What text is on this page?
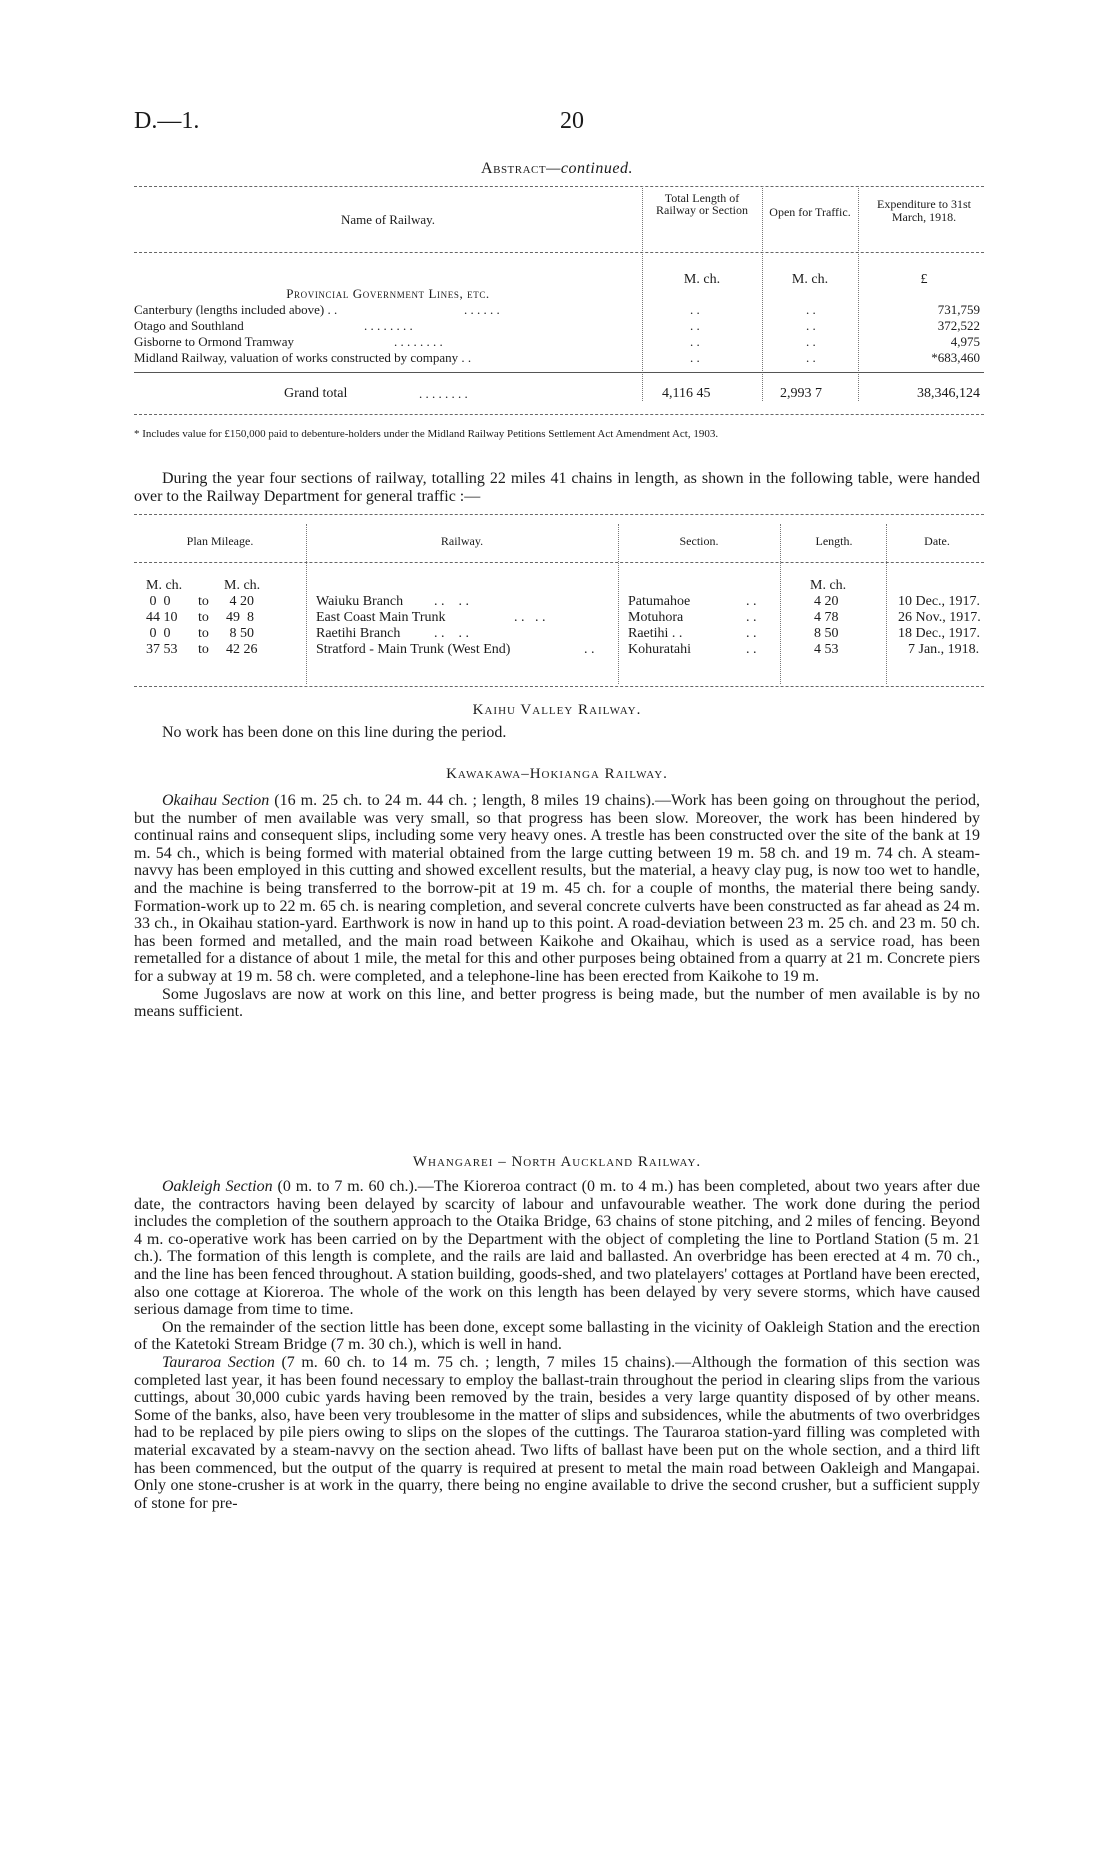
D.—1.	20
Abstract—continued.
Name of Railway.
Total Length of Railway or Section	Open for Traffic.
Expenditure to 31st March, 1918.
M. ch.	M. ch.	£
Provincial Government Lines, etc.
Canterbury (lengths included above) . .	. . . . . .	. .	. .	731,759
Otago and Southland	. . . . . . . .	. .	. .	372,522
Gisborne to Ormond Tramway	. . . . . . . .	. .	. .	4,975
Midland Railway, valuation of works constructed by company . .	. .	. .	*683,460
Grand total	. . . . . . . .	4,116 45	2,993 7	38,346,124
* Includes value for £150,000 paid to debenture-holders under the Midland Railway Petitions Settlement Act Amendment Act, 1903.

During the year four sections of railway, totalling 22 miles 41 chains in length, as shown in the following table, were handed over to the Railway Department for general traffic :—

Plan Mileage.	Railway.	Section.	Length.	Date.
M. ch.	M. ch.	M. ch.
0  0 to 4 20	Waiuku Branch . .    . .	Patumahoe	. .	4 20	10 Dec., 1917.
44 10 to 49  8	East Coast Main Trunk	. .   . .	Motuhora	. .	4 78	26 Nov., 1917.
0  0 to 8 50	Raetihi Branch . .    . .	Raetihi . .	. .	8 50	18 Dec., 1917.
37 53 to 42 26	Stratford - Main Trunk (West End)	. . Kohuratahi	. .	4 53	7 Jan., 1918.
Kaihu Valley Railway.

No work has been done on this line during the period.

Kawakawa–Hokianga Railway.

Okaihau Section (16 m. 25 ch. to 24 m. 44 ch. ; length, 8 miles 19 chains).—Work has been going on throughout the period, but the number of men available was very small, so that progress has been slow. Moreover, the work has been hindered by continual rains and consequent slips, including some very heavy ones. A trestle has been constructed over the site of the bank at 19 m. 54 ch., which is being formed with material obtained from the large cutting between 19 m. 58 ch. and 19 m. 74 ch. A steam-navvy has been employed in this cutting and showed excellent results, but the material, a heavy clay pug, is now too wet to handle, and the machine is being transferred to the borrow-pit at 19 m. 45 ch. for a couple of months, the material there being sandy. Formation-work up to 22 m. 65 ch. is nearing completion, and several concrete culverts have been constructed as far ahead as 24 m. 33 ch., in Okaihau station-yard. Earthwork is now in hand up to this point. A road-deviation between 23 m. 25 ch. and 23 m. 50 ch. has been formed and metalled, and the main road between Kaikohe and Okaihau, which is used as a service road, has been remetalled for a distance of about 1 mile, the metal for this and other purposes being obtained from a quarry at 21 m. Concrete piers for a subway at 19 m. 58 ch. were completed, and a telephone-line has been erected from Kaikohe to 19 m.

Some Jugoslavs are now at work on this line, and better progress is being made, but the number of men available is by no means sufficient.

Whangarei – North Auckland Railway.

Oakleigh Section (0 m. to 7 m. 60 ch.).—The Kioreroa contract (0 m. to 4 m.) has been completed, about two years after due date, the contractors having been delayed by scarcity of labour and unfavourable weather. The work done during the period includes the completion of the southern approach to the Otaika Bridge, 63 chains of stone pitching, and 2 miles of fencing. Beyond 4 m. co-operative work has been carried on by the Department with the object of completing the line to Portland Station (5 m. 21 ch.). The formation of this length is complete, and the rails are laid and ballasted. An overbridge has been erected at 4 m. 70 ch., and the line has been fenced throughout. A station building, goods-shed, and two platelayers' cottages at Portland have been erected, also one cottage at Kioreroa. The whole of the work on this length has been delayed by very severe storms, which have caused serious damage from time to time.

On the remainder of the section little has been done, except some ballasting in the vicinity of Oakleigh Station and the erection of the Katetoki Stream Bridge (7 m. 30 ch.), which is well in hand.

Tauraroa Section (7 m. 60 ch. to 14 m. 75 ch. ; length, 7 miles 15 chains).—Although the formation of this section was completed last year, it has been found necessary to employ the ballast-train throughout the period in clearing slips from the various cuttings, about 30,000 cubic yards having been removed by the train, besides a very large quantity disposed of by other means. Some of the banks, also, have been very troublesome in the matter of slips and subsidences, while the abutments of two overbridges had to be replaced by pile piers owing to slips on the slopes of the cuttings. The Tauraroa station-yard filling was completed with material excavated by a steam-navvy on the section ahead. Two lifts of ballast have been put on the whole section, and a third lift has been commenced, but the output of the quarry is required at present to metal the main road between Oakleigh and Mangapai. Only one stone-crusher is at work in the quarry, there being no engine available to drive the second crusher, but a sufficient supply of stone for pre-
